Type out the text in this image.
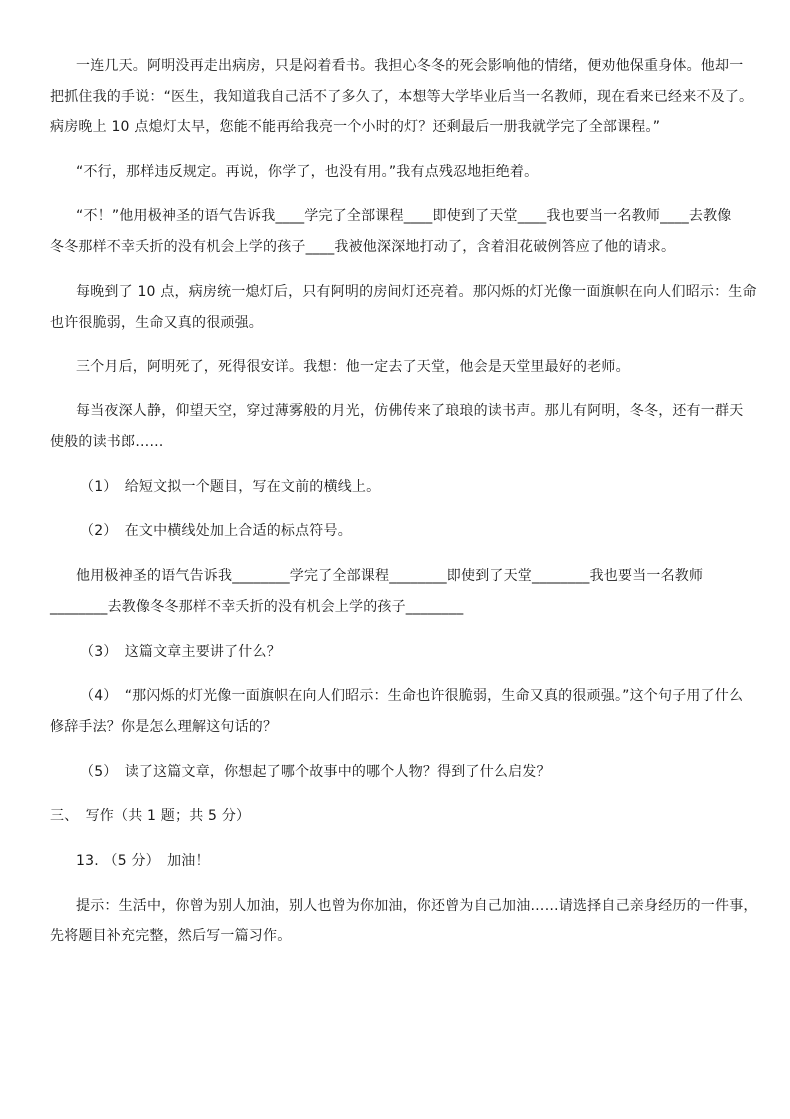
一连几天。阿明没再走出病房，只是闷着看书。我担心冬冬的死会影响他的情绪，便劝他保重身体。他却一
把抓住我的手说：“医生，我知道我自己活不了多久了，本想等大学毕业后当一名教师，现在看来已经来不及了。
病房晚上 10 点熄灯太早，您能不能再给我亮一个小时的灯？还剩最后一册我就学完了全部课程。”
“不行，那样违反规定。再说，你学了，也没有用。”我有点残忍地拒绝着。
“不！”他用极神圣的语气告诉我____学完了全部课程____即使到了天堂____我也要当一名教师____去教像
冬冬那样不幸夭折的没有机会上学的孩子____我被他深深地打动了，含着泪花破例答应了他的请求。
每晚到了 10 点，病房统一熄灯后，只有阿明的房间灯还亮着。那闪烁的灯光像一面旗帜在向人们昭示：生命
也许很脆弱，生命又真的很顽强。
三个月后，阿明死了，死得很安详。我想：他一定去了天堂，他会是天堂里最好的老师。
每当夜深人静，仰望天空，穿过薄雾般的月光，仿佛传来了琅琅的读书声。那儿有阿明，冬冬，还有一群天
使般的读书郎……
（1）　给短文拟一个题目，写在文前的横线上。
（2）　在文中横线处加上合适的标点符号。
他用极神圣的语气告诉我________学完了全部课程________即使到了天堂________我也要当一名教师
________去教像冬冬那样不幸夭折的没有机会上学的孩子________
（3）　这篇文章主要讲了什么？
（4）　“那闪烁的灯光像一面旗帜在向人们昭示：生命也许很脆弱，生命又真的很顽强。”这个句子用了什么
修辞手法？你是怎么理解这句话的？
（5）　读了这篇文章，你想起了哪个故事中的哪个人物？得到了什么启发？
三、　写作（共 1 题；共 5 分）
13. （5 分）　加油！
提示：生活中，你曾为别人加油，别人也曾为你加油，你还曾为自己加油……请选择自己亲身经历的一件事，
先将题目补充完整，然后写一篇习作。
